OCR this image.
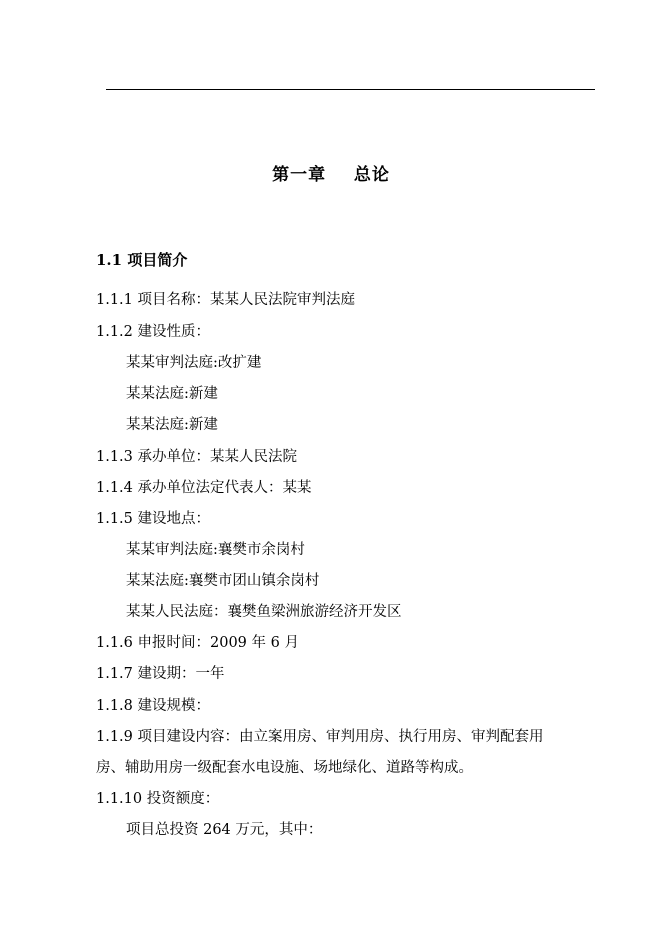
第一章    总论
1.1 项目简介
1.1.1 项目名称：某某人民法院审判法庭
1.1.2 建设性质：
某某审判法庭:改扩建
某某法庭:新建
某某法庭:新建
1.1.3 承办单位：某某人民法院
1.1.4 承办单位法定代表人：某某
1.1.5 建设地点：
某某审判法庭:襄樊市余岗村
某某法庭:襄樊市团山镇余岗村
某某人民法庭：襄樊鱼梁洲旅游经济开发区
1.1.6 申报时间：2009 年 6 月
1.1.7 建设期：一年
1.1.8 建设规模：
1.1.9 项目建设内容：由立案用房、审判用房、执行用房、审判配套用
房、辅助用房一级配套水电设施、场地绿化、道路等构成。
1.1.10 投资额度：
项目总投资 264 万元，其中：
